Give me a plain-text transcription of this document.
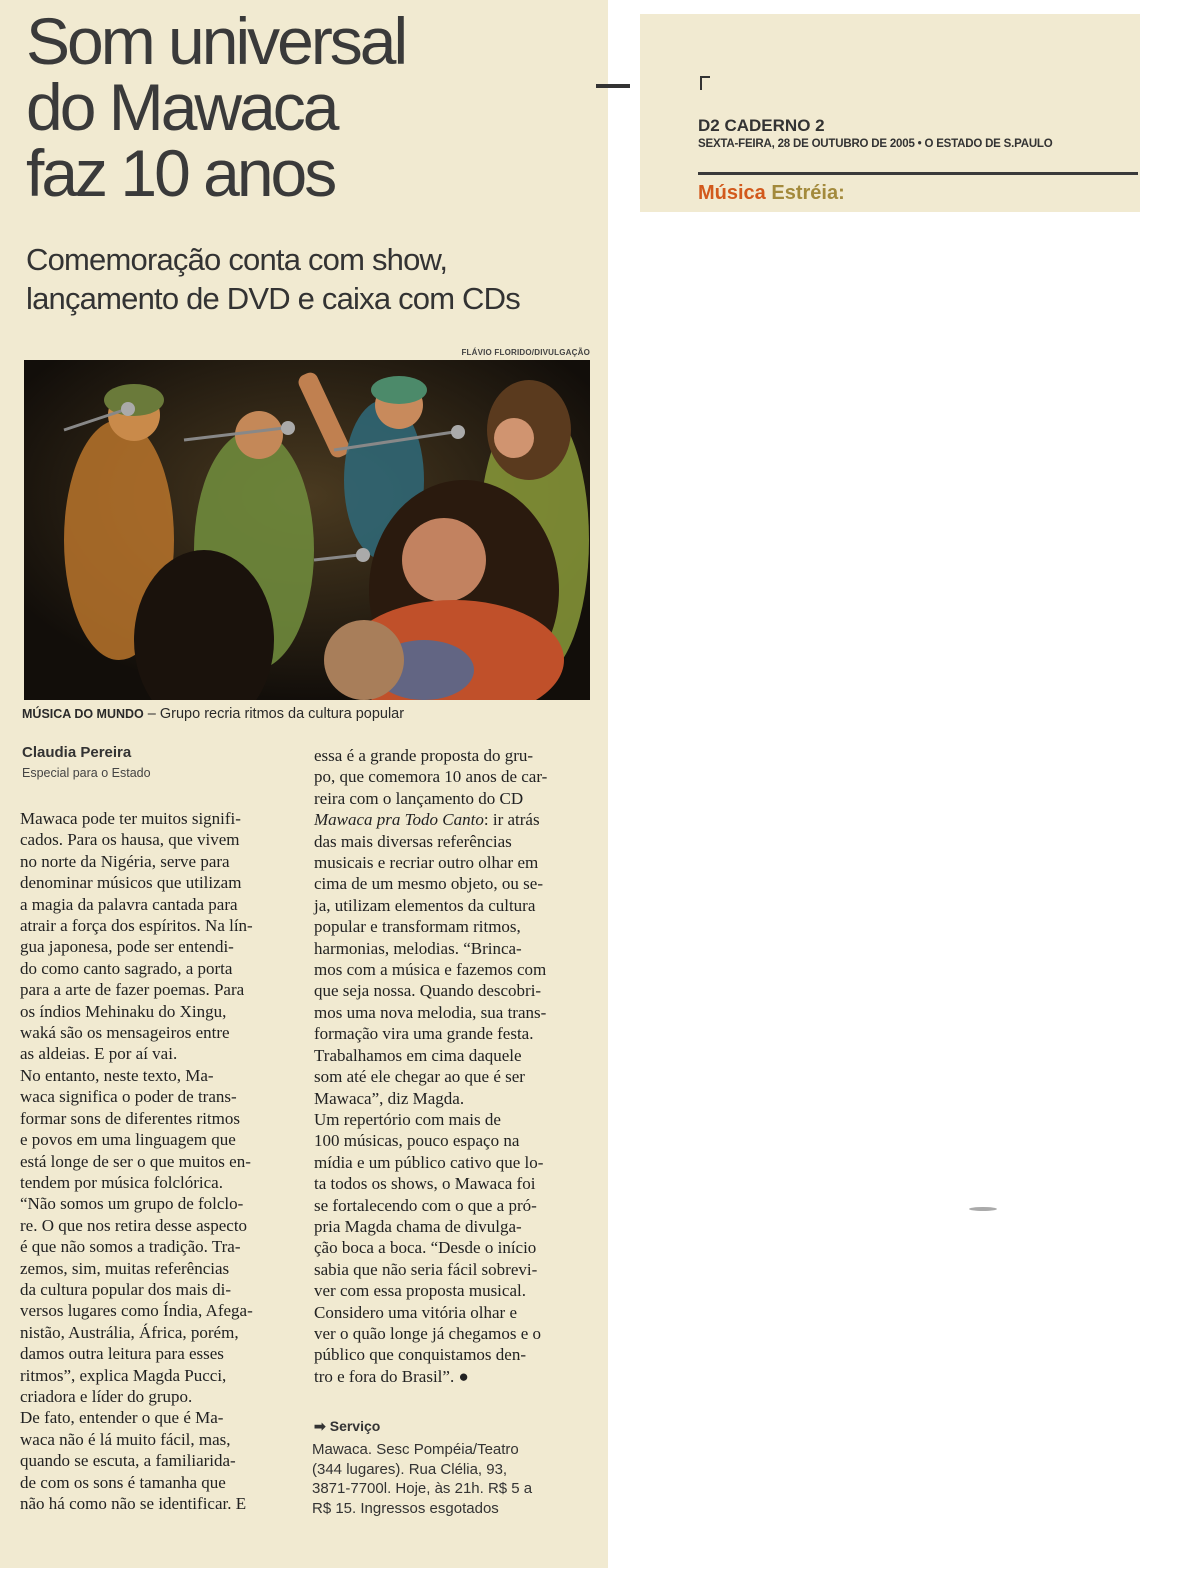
Som universal
do Mawaca
faz 10 anos
Comemoração conta com show,
lançamento de DVD e caixa com CDs
FLÁVIO FLORIDO/DIVULGAÇÃO
MÚSICA DO MUNDO – Grupo recria ritmos da cultura popular
Claudia Pereira
Especial para o Estado
Mawaca pode ter muitos signifi-
cados. Para os hausa, que vivem
no norte da Nigéria, serve para
denominar músicos que utilizam
a magia da palavra cantada para
atrair a força dos espíritos. Na lín-
gua japonesa, pode ser entendi-
do como canto sagrado, a porta
para a arte de fazer poemas. Para
os índios Mehinaku do Xingu,
waká são os mensageiros entre
as aldeias. E por aí vai.
No entanto, neste texto, Ma-
waca significa o poder de trans-
formar sons de diferentes ritmos
e povos em uma linguagem que
está longe de ser o que muitos en-
tendem por música folclórica.
“Não somos um grupo de folclo-
re. O que nos retira desse aspecto
é que não somos a tradição. Tra-
zemos, sim, muitas referências
da cultura popular dos mais di-
versos lugares como Índia, Afega-
nistão, Austrália, África, porém,
damos outra leitura para esses
ritmos”, explica Magda Pucci,
criadora e líder do grupo.
De fato, entender o que é Ma-
waca não é lá muito fácil, mas,
quando se escuta, a familiarida-
de com os sons é tamanha que
não há como não se identificar. E
essa é a grande proposta do gru-
po, que comemora 10 anos de car-
reira com o lançamento do CD
Mawaca pra Todo Canto: ir atrás
das mais diversas referências
musicais e recriar outro olhar em
cima de um mesmo objeto, ou se-
ja, utilizam elementos da cultura
popular e transformam ritmos,
harmonias, melodias. “Brinca-
mos com a música e fazemos com
que seja nossa. Quando descobri-
mos uma nova melodia, sua trans-
formação vira uma grande festa.
Trabalhamos em cima daquele
som até ele chegar ao que é ser
Mawaca”, diz Magda.
Um repertório com mais de
100 músicas, pouco espaço na
mídia e um público cativo que lo-
ta todos os shows, o Mawaca foi
se fortalecendo com o que a pró-
pria Magda chama de divulga-
ção boca a boca. “Desde o início
sabia que não seria fácil sobrevi-
ver com essa proposta musical.
Considero uma vitória olhar e
ver o quão longe já chegamos e o
público que conquistamos den-
tro e fora do Brasil”. ●
➡ Serviço
Mawaca. Sesc Pompéia/Teatro
(344 lugares). Rua Clélia, 93,
3871-7700l. Hoje, às 21h. R$ 5 a
R$ 15. Ingressos esgotados
D2 CADERNO 2
SEXTA-FEIRA, 28 DE OUTUBRO DE 2005 • O ESTADO DE S.PAULO
Música Estréia:
